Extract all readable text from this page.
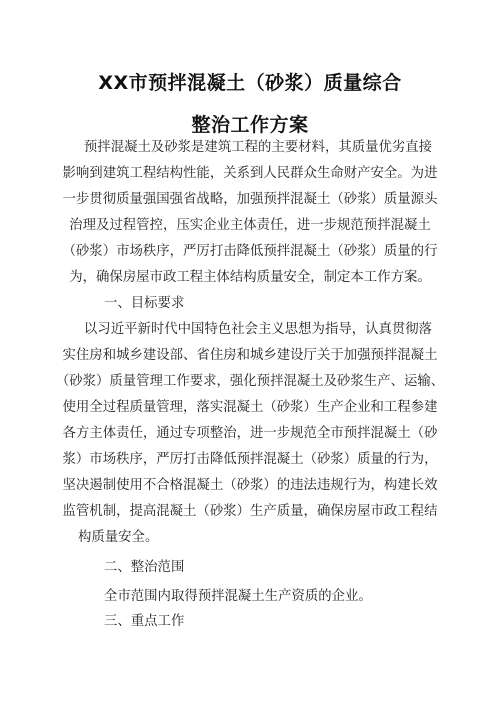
XX市预拌混凝土（砂浆）质量综合
整治工作方案

预拌混凝土及砂浆是建筑工程的主要材料，其质量优劣直接

影响到建筑工程结构性能，关系到人民群众生命财产安全。为进

一步贯彻质量强国强省战略，加强预拌混凝土（砂浆）质量源头

治理及过程管控，压实企业主体责任，进一步规范预拌混凝土

（砂浆）市场秩序，严厉打击降低预拌混凝土（砂浆）质量的行

为，确保房屋市政工程主体结构质量安全，制定本工作方案。

一、目标要求

以习近平新时代中国特色社会主义思想为指导，认真贯彻落

实住房和城乡建设部、省住房和城乡建设厅关于加强预拌混凝土

（砂浆）质量管理工作要求，强化预拌混凝土及砂浆生产、运输、

使用全过程质量管理，落实混凝土（砂浆）生产企业和工程参建

各方主体责任，通过专项整治，进一步规范全市预拌混凝土（砂

浆）市场秩序，严厉打击降低预拌混凝土（砂浆）质量的行为，

坚决遏制使用不合格混凝土（砂浆）的违法违规行为，构建长效

监管机制，提高混凝土（砂浆）生产质量，确保房屋市政工程结

构质量安全。

二、整治范围

全市范围内取得预拌混凝土生产资质的企业。

三、重点工作
